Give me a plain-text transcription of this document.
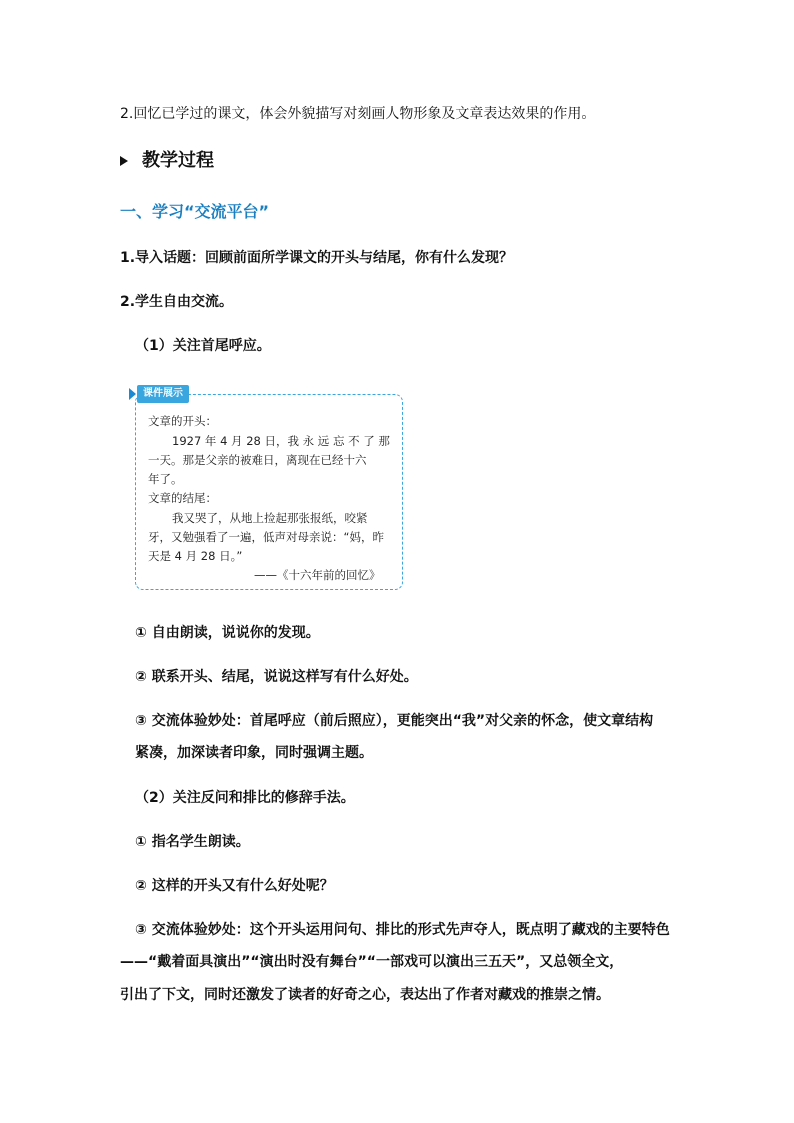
2.回忆已学过的课文，体会外貌描写对刻画人物形象及文章表达效果的作用。
教学过程
一、学习“交流平台”
1.导入话题：回顾前面所学课文的开头与结尾，你有什么发现？
2.学生自由交流。
（1）关注首尾呼应。
课件展示
文章的开头：
1927 年 4 月 28 日，我 永 远 忘 不 了 那
一天。那是父亲的被难日，离现在已经十六
年了。
文章的结尾：
我又哭了，从地上捡起那张报纸，咬紧
牙，又勉强看了一遍，低声对母亲说：“妈，昨
天是 4 月 28 日。”
——《十六年前的回忆》
① 自由朗读，说说你的发现。
② 联系开头、结尾，说说这样写有什么好处。
③ 交流体验妙处：首尾呼应（前后照应），更能突出“我”对父亲的怀念，使文章结构
紧凑，加深读者印象，同时强调主题。
（2）关注反问和排比的修辞手法。
① 指名学生朗读。
② 这样的开头又有什么好处呢？
③ 交流体验妙处：这个开头运用问句、排比的形式先声夺人，既点明了藏戏的主要特色
——“戴着面具演出”“演出时没有舞台”“一部戏可以演出三五天”，又总领全文，
引出了下文，同时还激发了读者的好奇之心，表达出了作者对藏戏的推崇之情。
